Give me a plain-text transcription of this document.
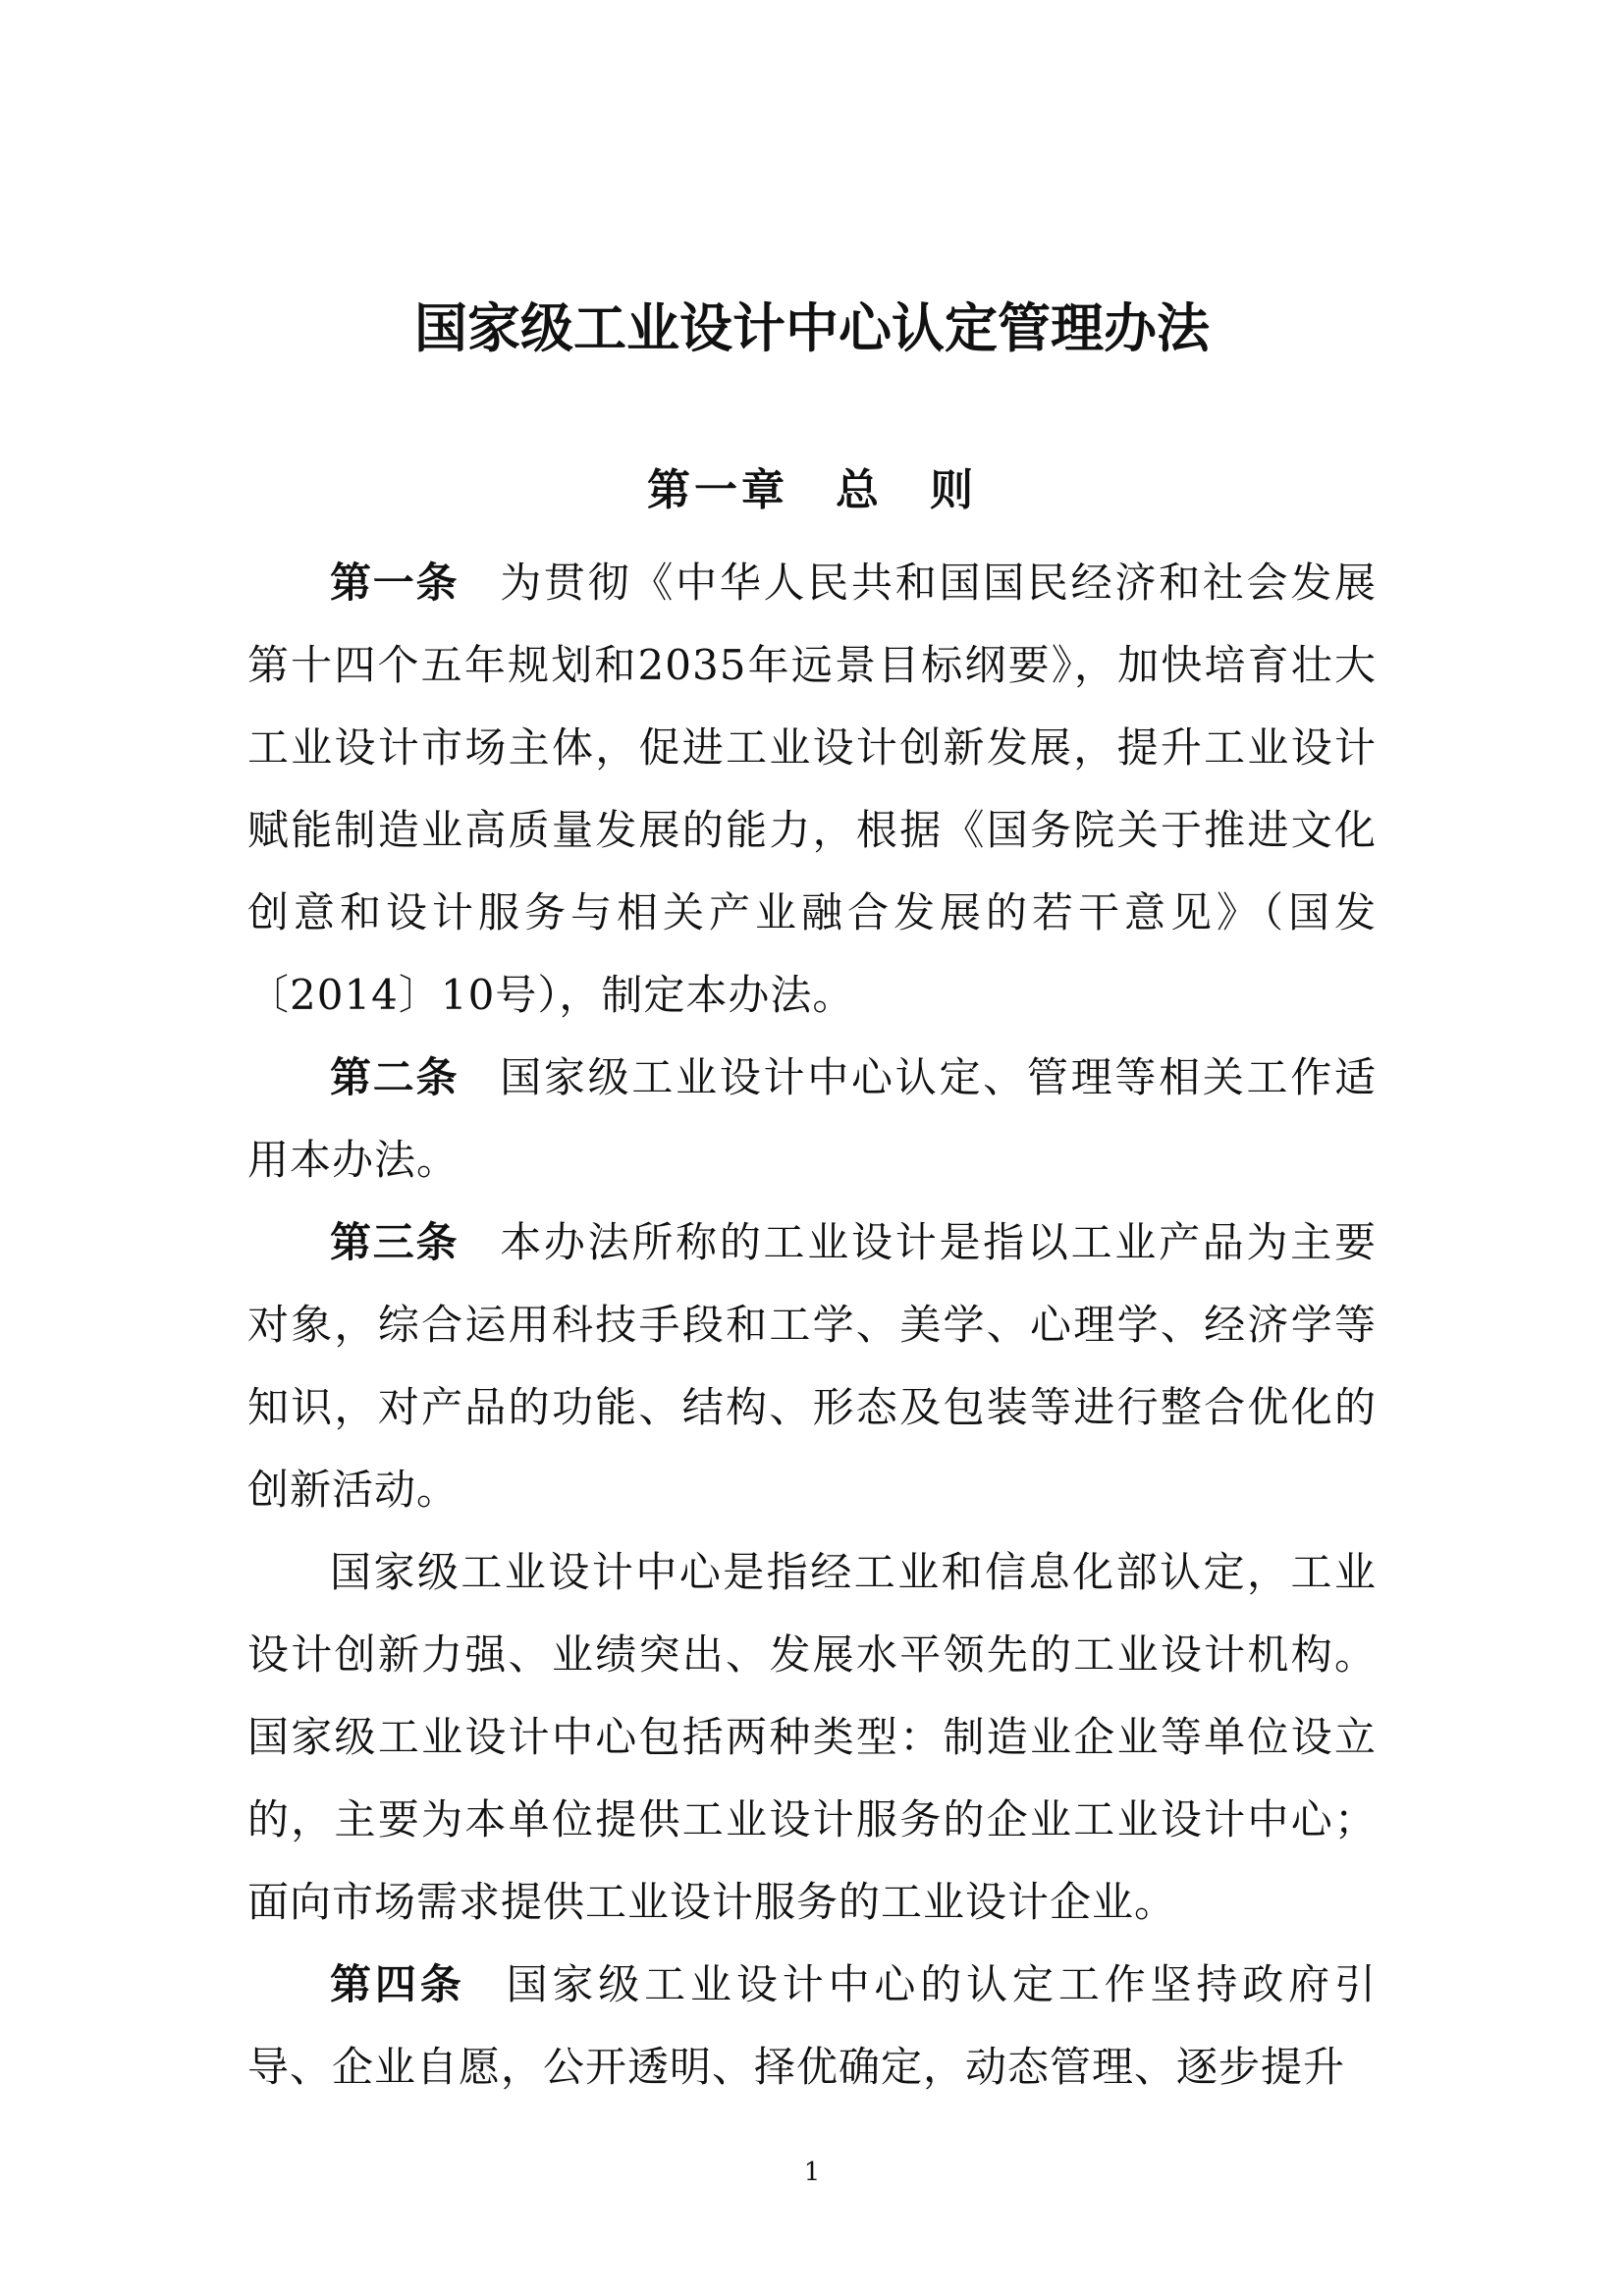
国家级工业设计中心认定管理办法
第一章　总　则

第一条 为贯彻《中华人民共和国国民经济和社会发展第十四个五年规划和2035年远景目标纲要》，加快培育壮大工业设计市场主体，促进工业设计创新发展，提升工业设计赋能制造业高质量发展的能力，根据《国务院关于推进文化创意和设计服务与相关产业融合发展的若干意见》（国发〔2014〕10号），制定本办法。

第二条 国家级工业设计中心认定、管理等相关工作适用本办法。

第三条 本办法所称的工业设计是指以工业产品为主要对象，综合运用科技手段和工学、美学、心理学、经济学等知识，对产品的功能、结构、形态及包装等进行整合优化的创新活动。

国家级工业设计中心是指经工业和信息化部认定，工业设计创新力强、业绩突出、发展水平领先的工业设计机构。国家级工业设计中心包括两种类型：制造业企业等单位设立的，主要为本单位提供工业设计服务的企业工业设计中心；面向市场需求提供工业设计服务的工业设计企业。

第四条 国家级工业设计中心的认定工作坚持政府引导、企业自愿，公开透明、择优确定，动态管理、逐步提升

1
